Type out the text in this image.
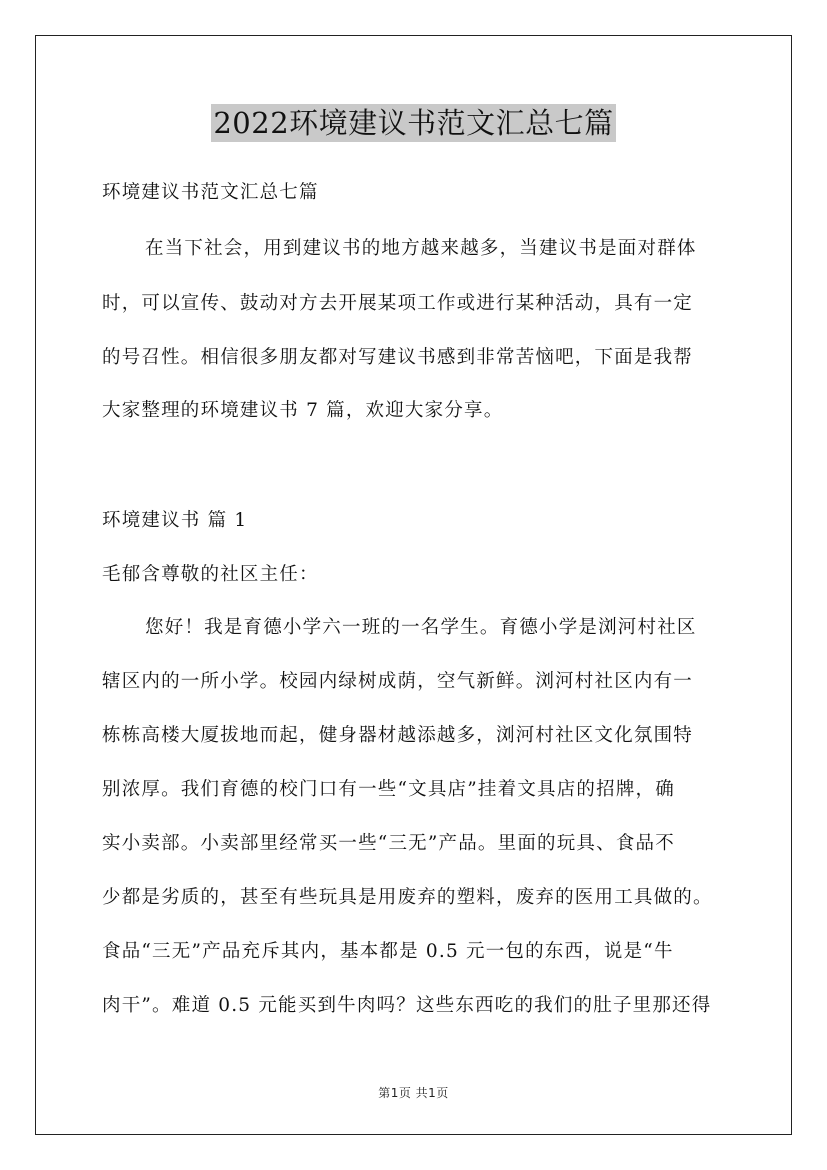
2022环境建议书范文汇总七篇
环境建议书范文汇总七篇
在当下社会，用到建议书的地方越来越多，当建议书是面对群体
时，可以宣传、鼓动对方去开展某项工作或进行某种活动，具有一定
的号召性。相信很多朋友都对写建议书感到非常苦恼吧，下面是我帮
大家整理的环境建议书 7 篇，欢迎大家分享。
环境建议书 篇 1
毛郁含尊敬的社区主任：
您好！我是育德小学六一班的一名学生。育德小学是浏河村社区
辖区内的一所小学。校园内绿树成荫，空气新鲜。浏河村社区内有一
栋栋高楼大厦拔地而起，健身器材越添越多，浏河村社区文化氛围特
别浓厚。我们育德的校门口有一些“文具店”挂着文具店的招牌，确
实小卖部。小卖部里经常买一些“三无”产品。里面的玩具、食品不
少都是劣质的，甚至有些玩具是用废弃的塑料，废弃的医用工具做的。
食品“三无”产品充斥其内，基本都是 0.5 元一包的东西，说是“牛
肉干”。难道 0.5 元能买到牛肉吗？这些东西吃的我们的肚子里那还得
第1页 共1页
